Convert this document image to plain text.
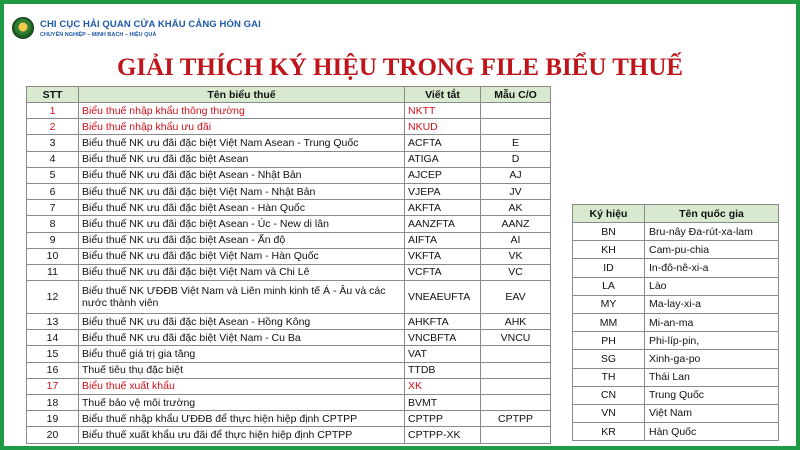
CHI CỤC HẢI QUAN CỬA KHẨU CẢNG HÒN GAI
CHUYÊN NGHIỆP – MINH BẠCH – HIỆU QUẢ
GIẢI THÍCH KÝ HIỆU TRONG FILE BIỂU THUẾ
STT	Tên biểu thuế	Viết tắt	Mẫu C/O
1	Biểu thuế nhập khẩu thông thường	NKTT	
2	Biểu thuế nhập khẩu ưu đãi	NKUD	
3	Biểu thuế NK ưu đãi đặc biệt Việt Nam Asean - Trung Quốc	ACFTA	E
4	Biểu thuế NK ưu đãi đặc biệt Asean	ATIGA	D
5	Biểu thuế NK ưu đãi đặc biệt Asean - Nhật Bản	AJCEP	AJ
6	Biểu thuế NK ưu đãi đặc biệt Việt Nam - Nhật Bản	VJEPA	JV
7	Biểu thuế NK ưu đãi đặc biệt Asean - Hàn Quốc	AKFTA	AK
8	Biểu thuế NK ưu đãi đặc biệt Asean - Úc - New di lân	AANZFTA	AANZ
9	Biểu thuế NK ưu đãi đặc biệt Asean - Ấn độ	AIFTA	AI
10	Biểu thuế NK ưu đãi đặc biệt Việt Nam - Hàn Quốc	VKFTA	VK
11	Biểu thuế NK ưu đãi đặc biệt Việt Nam và Chi Lê	VCFTA	VC
12	Biểu thuế NK ƯĐĐB Việt Nam và Liên minh kinh tế Á - Âu và các nước thành viên	VNEAEUFTA	EAV
13	Biểu thuế NK ưu đãi đặc biệt Asean - Hồng Kông	AHKFTA	AHK
14	Biểu thuế NK ưu đãi đặc biệt Việt Nam - Cu Ba	VNCBFTA	VNCU
15	Biểu thuế giá trị gia tăng	VAT	
16	Thuế tiêu thụ đặc biệt	TTDB	
17	Biểu thuế xuất khẩu	XK	
18	Thuế bảo vệ môi trường	BVMT	
19	Biểu thuế nhập khẩu ƯĐĐB để thực hiện hiệp định CPTPP	CPTPP	CPTPP
20	Biểu thuế xuất khẩu ưu đãi để thực hiện hiệp định CPTPP	CPTPP-XK	
Ký hiệu	Tên quốc gia
BN	Bru-nây Đa-rút-xa-lam
KH	Cam-pu-chia
ID	In-đô-nê-xi-a
LA	Lào
MY	Ma-lay-xi-a
MM	Mi-an-ma
PH	Phi-líp-pin,
SG	Xinh-ga-po
TH	Thái Lan
CN	Trung Quốc
VN	Việt Nam
KR	Hàn Quốc
